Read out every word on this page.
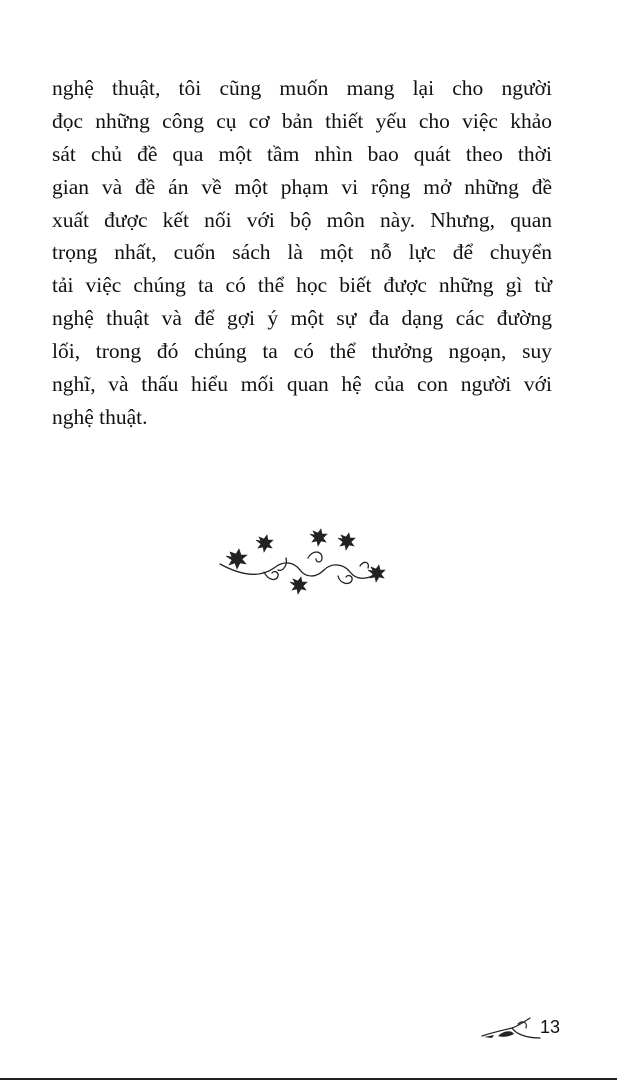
nghệ thuật, tôi cũng muốn mang lại cho người
đọc những công cụ cơ bản thiết yếu cho việc khảo
sát chủ đề qua một tầm nhìn bao quát theo thời
gian và đề án về một phạm vi rộng mở những đề
xuất được kết nối với bộ môn này. Nhưng, quan
trọng nhất, cuốn sách là một nỗ lực để chuyển
tải việc chúng ta có thể học biết được những gì từ
nghệ thuật và để gợi ý một sự đa dạng các đường
lối, trong đó chúng ta có thể thưởng ngoạn, suy
nghĩ, và thấu hiểu mối quan hệ của con người với
nghệ thuật.
13
